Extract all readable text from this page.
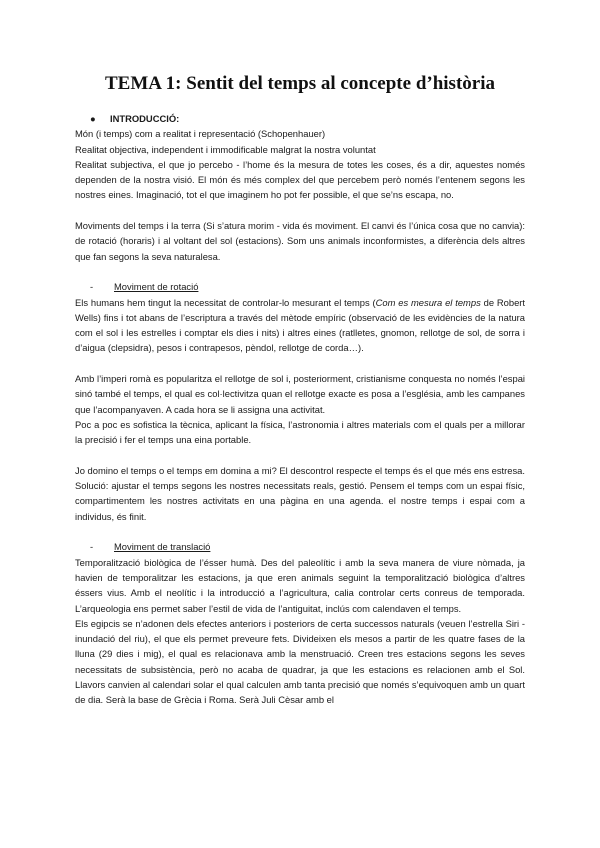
TEMA 1: Sentit del temps al concepte d’història
● INTRODUCCIÓ:

Món (i temps) com a realitat i representació (Schopenhauer)

Realitat objectiva, independent i immodificable malgrat la nostra voluntat

Realitat subjectiva, el que jo percebo - l’home és la mesura de totes les coses, és a dir, aquestes només dependen de la nostra visió. El món és més complex del que percebem però només l’entenem segons les nostres eines. Imaginació, tot el que imaginem ho pot fer possible, el que se’ns escapa, no.

Moviments del temps i la terra (Si s’atura morim - vida és moviment. El canvi és l’única cosa que no canvia): de rotació (horaris) i al voltant del sol (estacions). Som uns animals inconformistes, a diferència dels altres que fan segons la seva naturalesa.

- Moviment de rotació

Els humans hem tingut la necessitat de controlar-lo mesurant el temps (Com es mesura el temps de Robert Wells) fins i tot abans de l’escriptura a través del mètode empíric (observació de les evidències de la natura com el sol i les estrelles i comptar els dies i nits) i altres eines (ratlletes, gnomon, rellotge de sol, de sorra i d’aigua (clepsidra), pesos i contrapesos, pèndol, rellotge de corda…).

Amb l’imperi romà es popularitza el rellotge de sol i, posteriorment, cristianisme conquesta no només l’espai sinó també el temps, el qual es col·lectivitza quan el rellotge exacte es posa a l’església, amb les campanes que l’acompanyaven. A cada hora se li assigna una activitat.

Poc a poc es sofistica la tècnica, aplicant la física, l’astronomia i altres materials com el quals per a millorar la precisió i fer el temps una eina portable.

Jo domino el temps o el temps em domina a mi? El descontrol respecte el temps és el que més ens estresa. Solució: ajustar el temps segons les nostres necessitats reals, gestió. Pensem el temps com un espai físic, compartimentem les nostres activitats en una pàgina en una agenda. el nostre temps i espai com a individus, és finit.

- Moviment de translació

Temporalització biològica de l’ésser humà. Des del paleolític i amb la seva manera de viure nòmada, ja havien de temporalitzar les estacions, ja que eren animals seguint la temporalització biològica d’altres éssers vius. Amb el neolític i la introducció a l’agricultura, calia controlar certs conreus de temporada. L’arqueologia ens permet saber l’estil de vida de l’antiguitat, inclús com calendaven el temps.

Els egipcis se n’adonen dels efectes anteriors i posteriors de certa successos naturals (veuen l’estrella Siri - inundació del riu), el que els permet preveure fets. Divideixen els mesos a partir de les quatre fases de la lluna (29 dies i mig), el qual es relacionava amb la menstruació. Creen tres estacions segons les seves necessitats de subsistència, però no acaba de quadrar, ja que les estacions es relacionen amb el Sol. Llavors canvien al calendari solar el qual calculen amb tanta precisió que només s’equivoquen amb un quart de dia. Serà la base de Grècia i Roma. Serà Juli Cèsar amb el
